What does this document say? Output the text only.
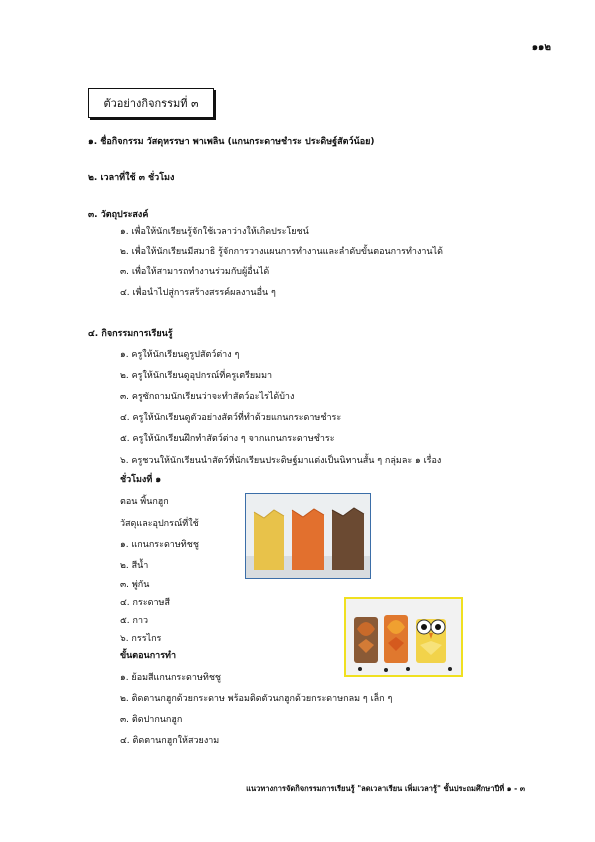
๑๑๒
ตัวอย่างกิจกรรมที่ ๓
๑. ชื่อกิจกรรม วัสดุหรรษา พาเพลิน (แกนกระดาษชำระ ประดิษฐ์สัตว์น้อย)
๒. เวลาที่ใช้ ๓ ชั่วโมง
๓. วัตถุประสงค์
๑. เพื่อให้นักเรียนรู้จักใช้เวลาว่างให้เกิดประโยชน์
๒. เพื่อให้นักเรียนมีสมาธิ รู้จักการวางแผนการทำงานและลำดับขั้นตอนการทำงานได้
๓. เพื่อให้สามารถทำงานร่วมกับผู้อื่นได้
๔. เพื่อนำไปสู่การสร้างสรรค์ผลงานอื่น ๆ
๔. กิจกรรมการเรียนรู้
๑. ครูให้นักเรียนดูรูปสัตว์ต่าง ๆ
๒. ครูให้นักเรียนดูอุปกรณ์ที่ครูเตรียมมา
๓. ครูซักถามนักเรียนว่าจะทำสัตว์อะไรได้บ้าง
๔. ครูให้นักเรียนดูตัวอย่างสัตว์ที่ทำด้วยแกนกระดาษชำระ
๕. ครูให้นักเรียนฝึกทำสัตว์ต่าง ๆ จากแกนกระดาษชำระ
๖. ครูชวนให้นักเรียนนำสัตว์ที่นักเรียนประดิษฐ์มาแต่งเป็นนิทานสั้น ๆ กลุ่มละ ๑ เรื่อง
ชั่วโมงที่ ๑
ตอน พิ้นกฮูก
วัสดุและอุปกรณ์ที่ใช้
๑. แกนกระดาษทิชชู
๒. สีน้ำ
๓. พู่กัน
๔. กระดาษสี
๕. กาว
๖. กรรไกร
ขั้นตอนการทำ
๑. ย้อมสีแกนกระดาษทิชชู
๒. ติดตานกฮูกด้วยกระดาษ พร้อมติดตัวนกฮูกด้วยกระดาษกลม ๆ เล็ก ๆ
๓. ติดปากนกฮูก
๔. ติดตานกฮูกให้สวยงาม
แนวทางการจัดกิจกรรมการเรียนรู้ "ลดเวลาเรียน เพิ่มเวลารู้" ชั้นประถมศึกษาปีที่ ๑ - ๓
